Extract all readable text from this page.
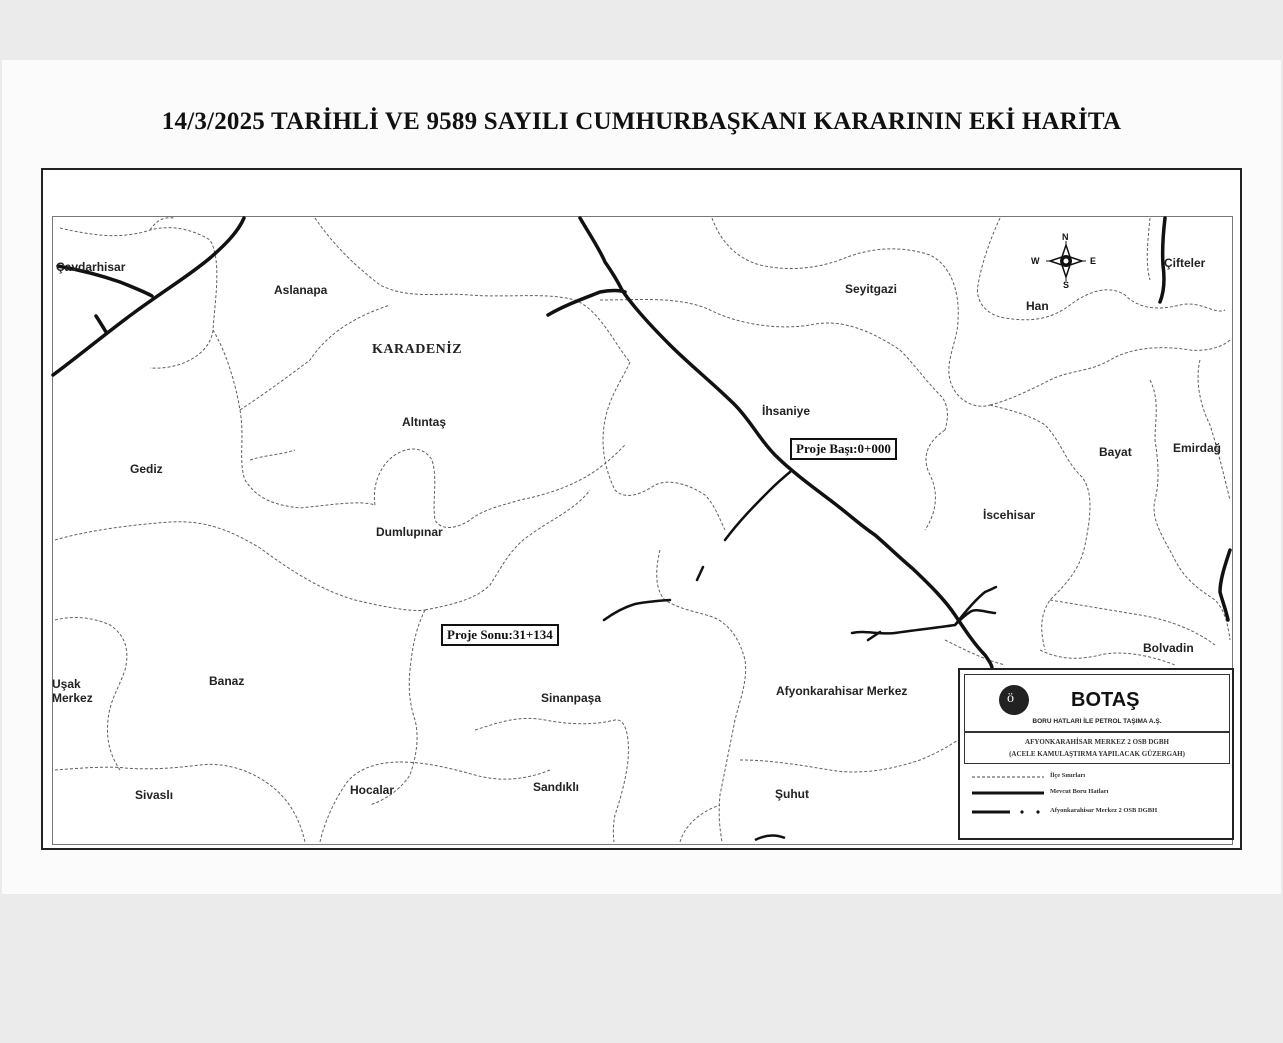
14/3/2025 TARİHLİ VE 9589 SAYILI CUMHURBAŞKANI KARARININ EKİ HARİTA
N
S
E
W
Çavdarhisar
Aslanapa
KARADENİZ
Altıntaş
Gediz
Dumlupınar
Seyitgazi
Han
Çifteler
İhsaniye
Bayat	Emirdağ
İscehisar
Bolvadin
Uşak
Merkez
Banaz
Sinanpaşa	Afyonkarahisar Merkez
Sivaslı	Hocalar	Sandıklı	Şuhut
Proje Başı:0+000
Proje Sonu:31+134
ö	BOTAŞ
BORU HATLARI İLE PETROL TAŞIMA A.Ş.
AFYONKARAHİSAR MERKEZ 2 OSB DGBH
(ACELE KAMULAŞTIRMA YAPILACAK GÜZERGAH)
İlçe Sınırları
Mevcut Boru Hatları
Afyonkarahisar Merkez 2 OSB DGBH
